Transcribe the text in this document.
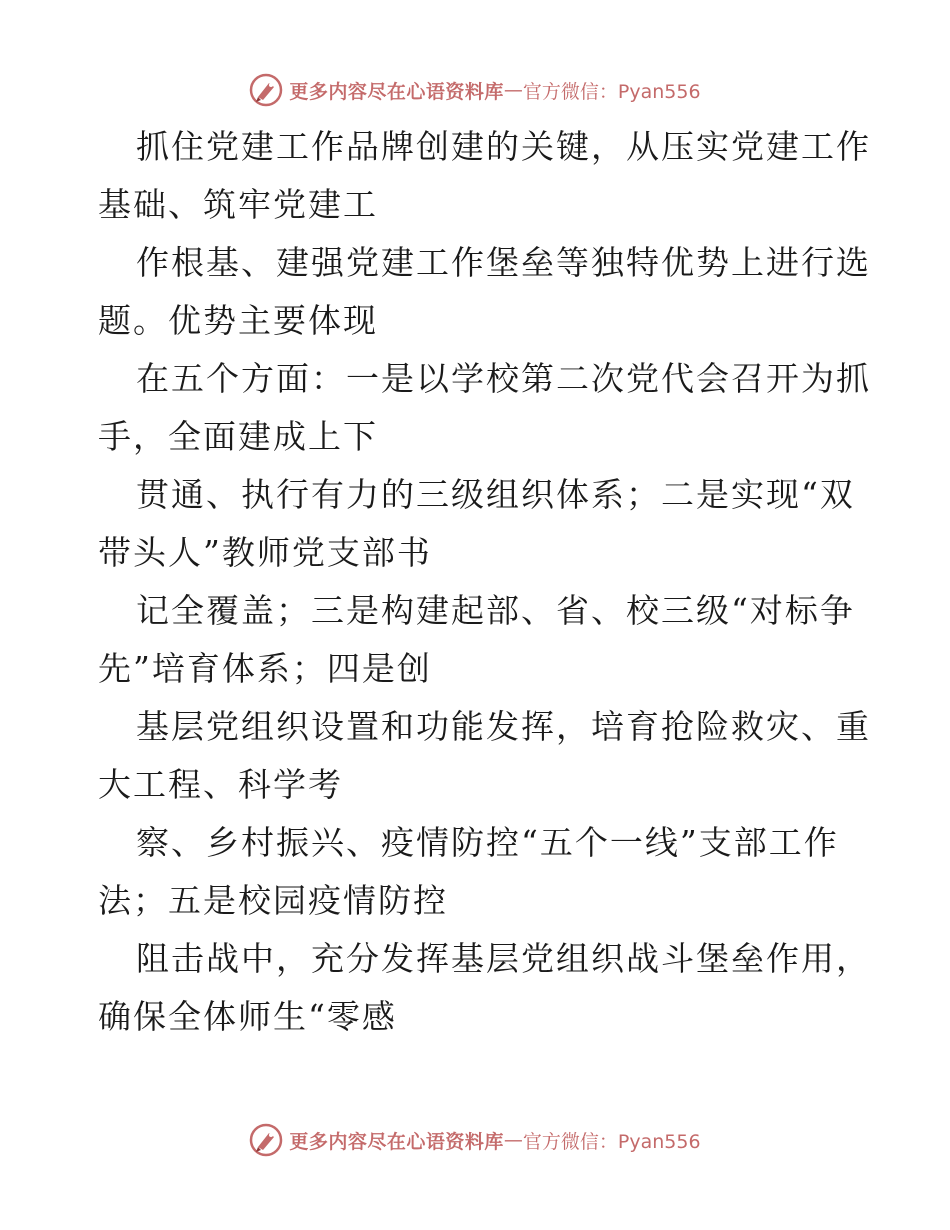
更多内容尽在心语资料库 — 官方微信：Pyan556
抓住党建工作品牌创建的关键，从压实党建工作
基础、筑牢党建工
作根基、建强党建工作堡垒等独特优势上进行选
题。优势主要体现
在五个方面：一是以学校第二次党代会召开为抓
手，全面建成上下
贯通、执行有力的三级组织体系；二是实现“双
带头人”教师党支部书
记全覆盖；三是构建起部、省、校三级“对标争
先”培育体系；四是创
基层党组织设置和功能发挥，培育抢险救灾、重
大工程、科学考
察、乡村振兴、疫情防控“五个一线”支部工作
法；五是校园疫情防控
阻击战中，充分发挥基层党组织战斗堡垒作用，
确保全体师生“零感
更多内容尽在心语资料库 — 官方微信：Pyan556
